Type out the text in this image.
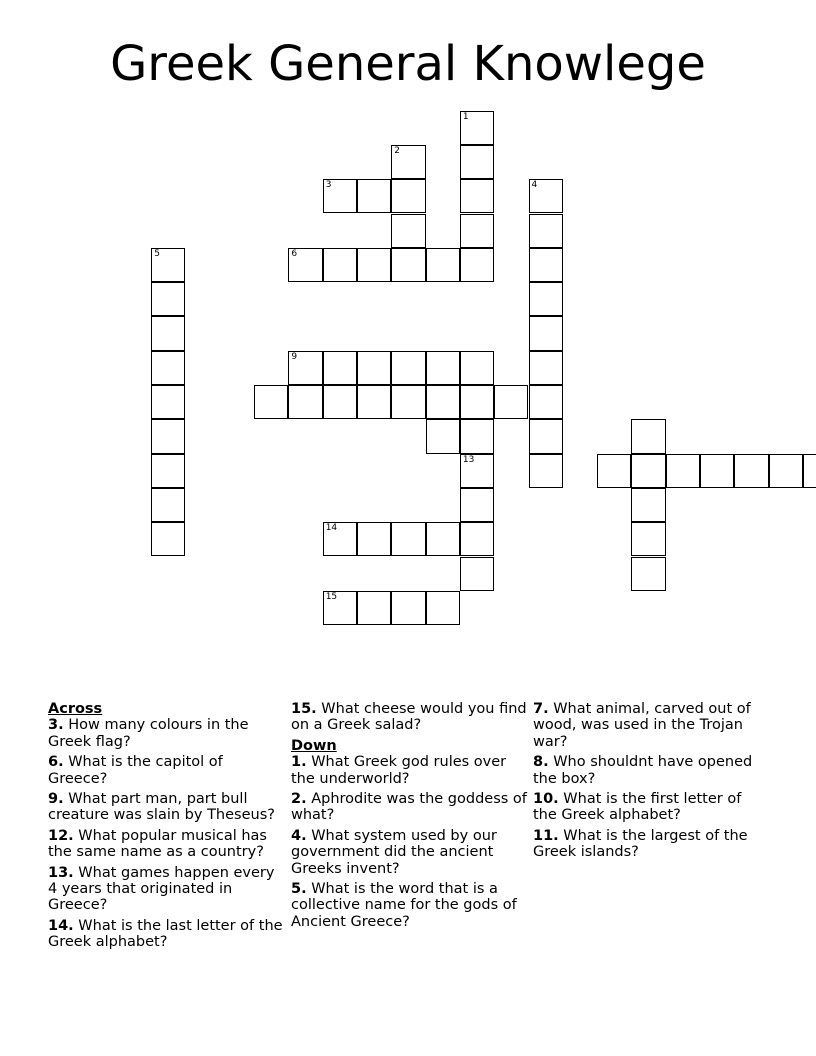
Greek General Knowlege
1
2
3
6
4
5
13
9
14
15
Across
3. How many colours in the Greek flag?
6. What is the capitol of Greece?
9. What part man, part bull creature was slain by Theseus?
12. What popular musical has the same name as a country?
13. What games happen every 4 years that originated in Greece?
14. What is the last letter of the Greek alphabet?
15. What cheese would you find on a Greek salad?
Down
1. What Greek god rules over the underworld?
2. Aphrodite was the goddess of what?
4. What system used by our government did the ancient Greeks invent?
5. What is the word that is a collective name for the gods of Ancient Greece?
7. What animal, carved out of wood, was used in the Trojan war?
8. Who shouldnt have opened the box?
10. What is the first letter of the Greek alphabet?
11. What is the largest of the Greek islands?
